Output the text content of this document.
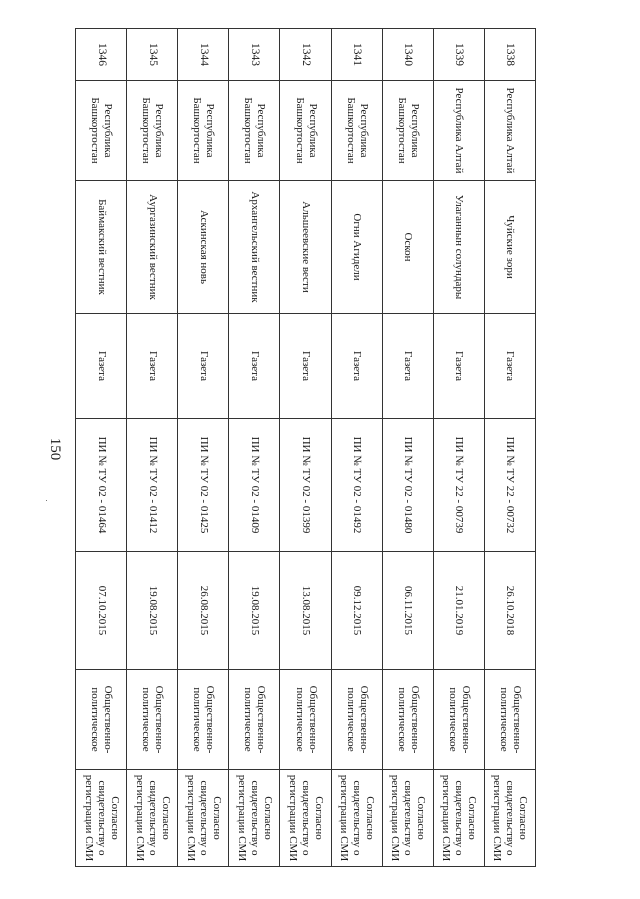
150
1338	Республика Алтай	Чуйские зори	Газета	ПИ № ТУ 22 - 00732	26.10.2018	Общественно-политическое	Согласно свидетельству о регистрации СМИ
1339	Республика Алтай	Улаганнын солундары	Газета	ПИ № ТУ 22 - 00739	21.01.2019	Общественно-политическое	Согласно свидетельству о регистрации СМИ
1340	Республика Башкортостан	Оскон	Газета	ПИ № ТУ 02 - 01480	06.11.2015	Общественно-политическое	Согласно свидетельству о регистрации СМИ
1341	Республика Башкортостан	Огни Агидели	Газета	ПИ № ТУ 02 - 01492	09.12.2015	Общественно-политическое	Согласно свидетельству о регистрации СМИ
1342	Республика Башкортостан	Альшеевские вести	Газета	ПИ № ТУ 02 - 01399	13.08.2015	Общественно-политическое	Согласно свидетельству о регистрации СМИ
1343	Республика Башкортостан	Архангельский вестник	Газета	ПИ № ТУ 02 - 01409	19.08.2015	Общественно-политическое	Согласно свидетельству о регистрации СМИ
1344	Республика Башкортостан	Аскинская новь	Газета	ПИ № ТУ 02 - 01425	26.08.2015	Общественно-политическое	Согласно свидетельству о регистрации СМИ
1345	Республика Башкортостан	Аургазинский вестник	Газета	ПИ № ТУ 02 - 01412	19.08.2015	Общественно-политическое	Согласно свидетельству о регистрации СМИ
1346	Республика Башкортостан	Баймакский вестник	Газета	ПИ № ТУ 02 - 01464	07.10.2015	Общественно-политическое	Согласно свидетельству о регистрации СМИ
